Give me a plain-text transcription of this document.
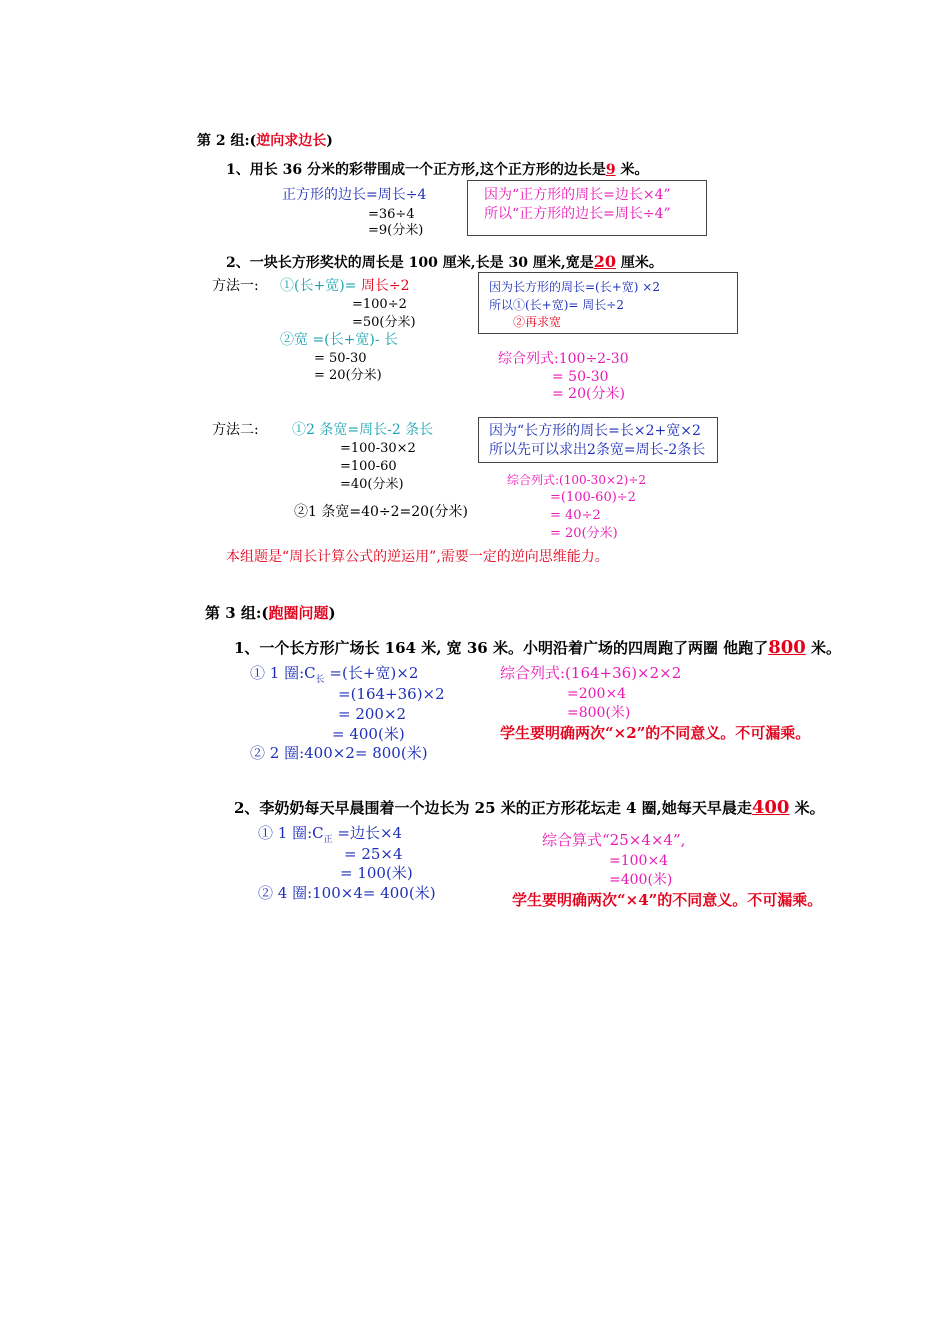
第 2 组:(逆向求边长)
1、用长 36 分米的彩带围成一个正方形,这个正方形的边长是9 米。
正方形的边长=周长÷4
=36÷4
=9(分米)
因为“正方形的周长=边长×4”
所以“正方形的边长=周长÷4”
2、一块长方形奖状的周长是 100 厘米,长是 30 厘米,宽是20 厘米。
方法一: ①(长+宽)= 周长÷2
=100÷2
=50(分米)
②宽 =(长+宽)- 长
= 50-30
= 20(分米)
因为长方形的周长=(长+宽) ×2
所以①(长+宽)= 周长÷2
②再求宽
综合列式:100÷2-30
= 50-30
= 20(分米)
方法二: ①2 条宽=周长-2 条长
=100-30×2
=100-60
=40(分米)
②1 条宽=40÷2=20(分米)
因为“长方形的周长=长×2+宽×2
所以先可以求出2条宽=周长-2条长
综合列式:(100-30×2)÷2
=(100-60)÷2
= 40÷2
= 20(分米)
本组题是“周长计算公式的逆运用”,需要一定的逆向思维能力。
第 3 组:(跑圈问题)
1、一个长方形广场长 164 米, 宽 36 米。小明沿着广场的四周跑了两圈 他跑了800 米。
① 1 圈$:C_长$ =(长+宽)×2
=(164+36)×2
= 200×2
= 400(米)
② 2 圈:400×2= 800(米)
综合列式:(164+36)×2×2
=200×4
=800(米)
学生要明确两次“×2”的不同意义。不可漏乘。
2、李奶奶每天早晨围着一个边长为 25 米的正方形花坛走 4 圈,她每天早晨走400 米。
① 1 圈$:C_正$ =边长×4
= 25×4
= 100(米)
② 4 圈:100×4= 400(米)
综合算式“25×4×4”,
=100×4
=400(米)
学生要明确两次“×4”的不同意义。不可漏乘。
